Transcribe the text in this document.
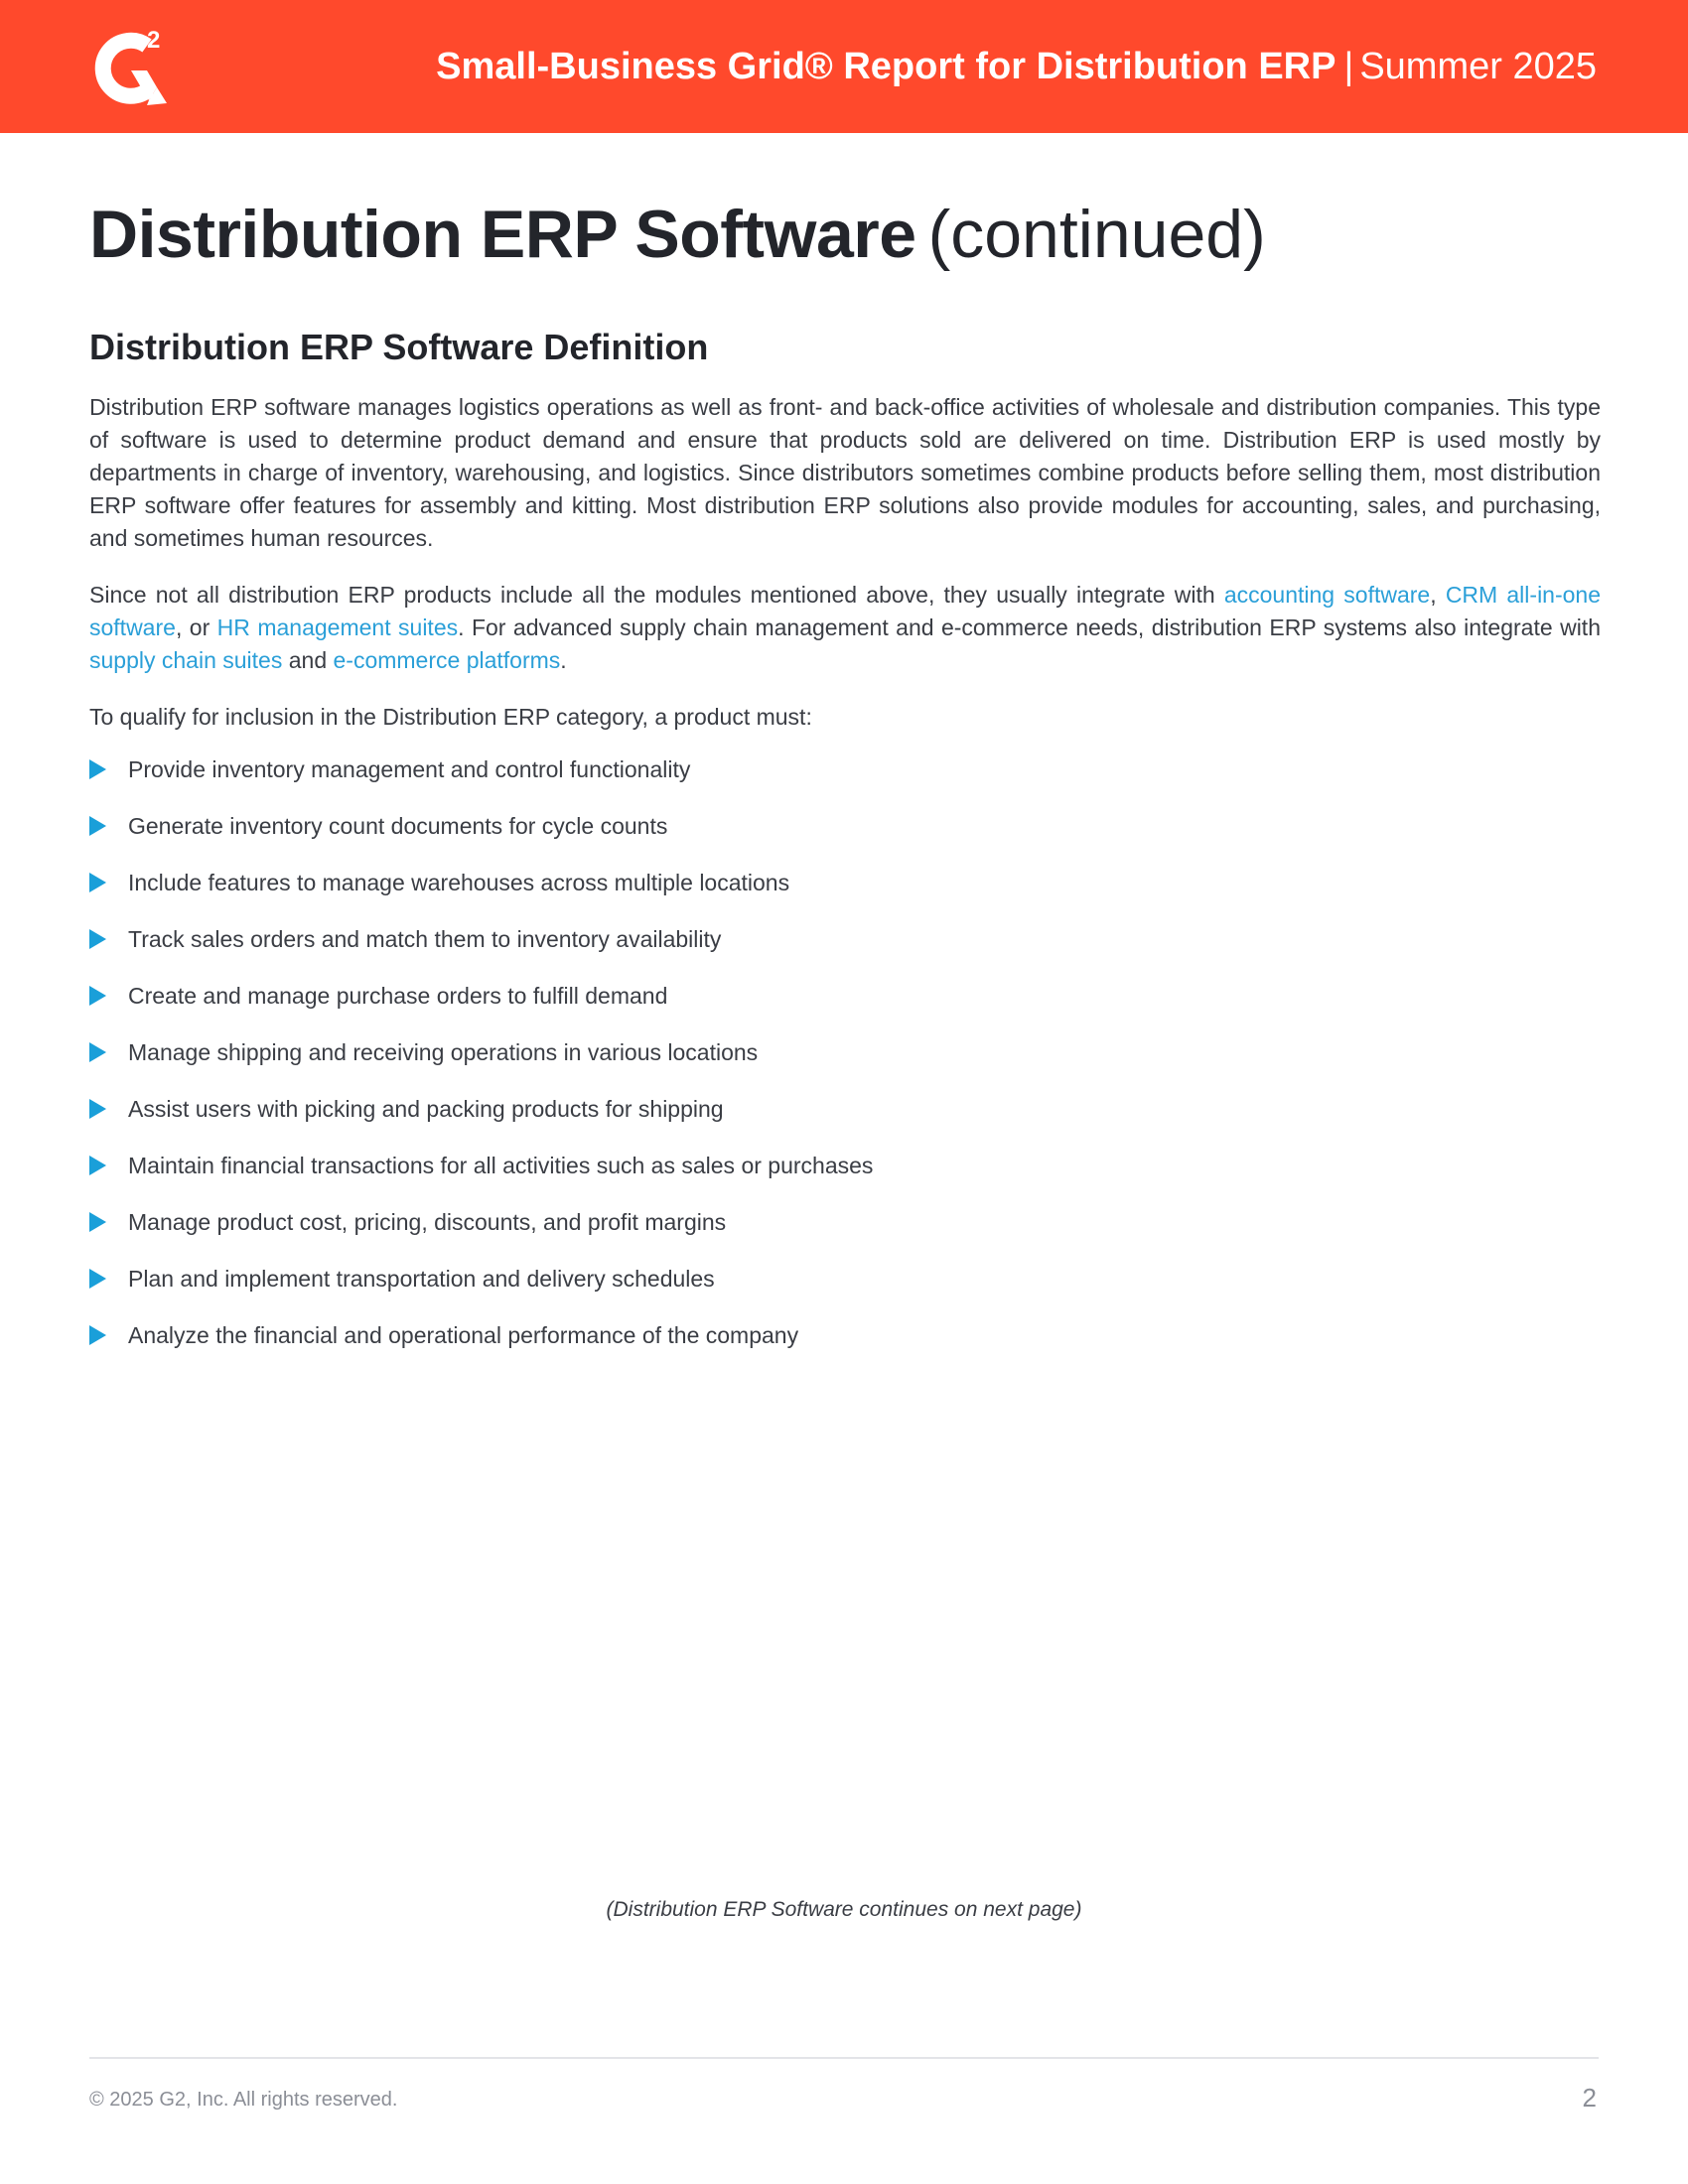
2
Small-Business Grid® Report for Distribution ERP | Summer 2025
Distribution ERP Software (continued)
Distribution ERP Software Definition

Distribution ERP software manages logistics operations as well as front- and back-office activities of wholesale and distribution companies. This type of software is used to determine product demand and ensure that products sold are delivered on time. Distribution ERP is used mostly by departments in charge of inventory, warehousing, and logistics. Since distributors sometimes combine products before selling them, most distribution ERP software offer features for assembly and kitting. Most distribution ERP solutions also provide modules for accounting, sales, and purchasing, and sometimes human resources.

Since not all distribution ERP products include all the modules mentioned above, they usually integrate with accounting software, CRM all-in-one software, or HR management suites. For advanced supply chain management and e-commerce needs, distribution ERP systems also integrate with supply chain suites and e-commerce platforms.

To qualify for inclusion in the Distribution ERP category, a product must:

Provide inventory management and control functionality
Generate inventory count documents for cycle counts
Include features to manage warehouses across multiple locations
Track sales orders and match them to inventory availability
Create and manage purchase orders to fulfill demand
Manage shipping and receiving operations in various locations
Assist users with picking and packing products for shipping
Maintain financial transactions for all activities such as sales or purchases
Manage product cost, pricing, discounts, and profit margins
Plan and implement transportation and delivery schedules
Analyze the financial and operational performance of the company
(Distribution ERP Software continues on next page)
© 2025 G2, Inc. All rights reserved.	2
